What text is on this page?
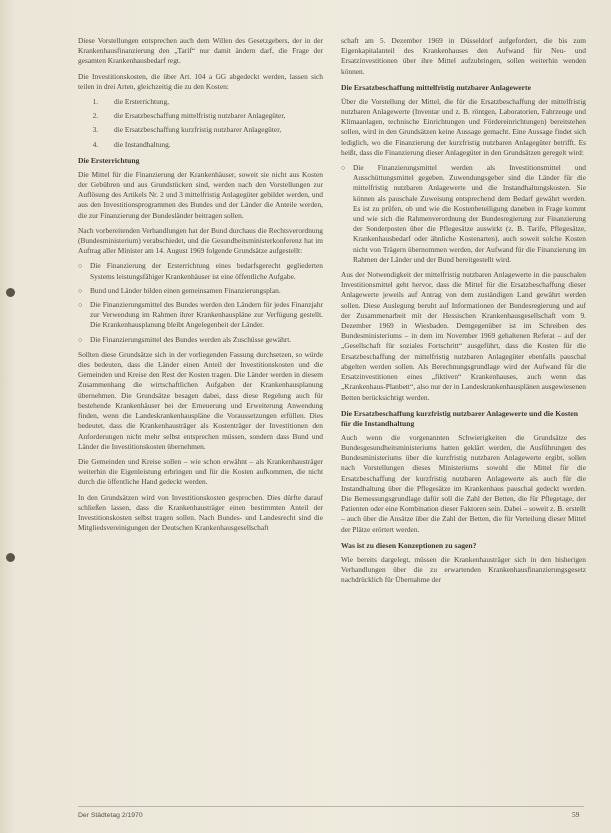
Diese Vorstellungen entsprechen auch dem Willen des Gesetzgebers, der in der Krankenhausfinanzierung den „Tarif“ nur damit ändern darf, die Frage der gesamten Krankenhausbedarf regt.

Die Investitionskosten, die über Art. 104 a GG abgedeckt werden, lassen sich teilen in drei Arten, gleichzeitig die zu den Kosten:

1. die Ersterrichtung,
2. die Ersatzbeschaffung mittelfristig nutzbarer Anlagegüter,
3. die Ersatzbeschaffung kurzfristig nutzbarer Anlagegüter,
4. die Instandhaltung.
Die Ersterrichtung

Die Mittel für die Finanzierung der Krankenhäuser, soweit sie nicht aus Kosten der Gebühren und aus Grundstücken sind, werden nach den Vorstellungen zur Auflösung des Artikels Nr. 2 und 3 mittelfristig Anlagegüter gebildet werden, und aus den Investitionsprogrammen des Bundes und der Länder die Anteile werden, die zur Finanzierung der Bundesländer beitragen sollen.

Nach vorbereitenden Verhandlungen hat der Bund durchaus die Rechtsverordnung (Bundesministerium) verabschiedet, und die Gesundheitsministerkonferenz hat im Auftrag aller Minister am 14. August 1969 folgende Grundsätze aufgestellt:

○ Die Finanzierung der Ersterrichtung eines bedarfsgerecht gegliederten Systems leistungsfähiger Krankenhäuser ist eine öffentliche Aufgabe.
○ Bund und Länder bilden einen gemeinsamen Finanzierungsplan.
○ Die Finanzierungsmittel des Bundes werden den Ländern für jedes Finanzjahr zur Verwendung im Rahmen ihrer Krankenhauspläne zur Verfügung gestellt. Die Krankenhausplanung bleibt Angelegenheit der Länder.
○ Die Finanzierungsmittel des Bundes werden als Zuschüsse gewährt.

Sollten diese Grundsätze sich in der vorliegenden Fassung durchsetzen, so würde dies bedeuten, dass die Länder einen Anteil der Investitionskosten und die Gemeinden und Kreise den Rest der Kosten tragen. Die Länder werden in diesem Zusammenhang die wirtschaftlichen Aufgaben der Krankenhausplanung übernehmen. Die Grundsätze besagen dabei, dass diese Regelung auch für bestehende Krankenhäuser bei der Erneuerung und Erweiterung Anwendung finden, wenn die Landeskrankenhauspläne die Voraussetzungen erfüllen. Dies bedeutet, dass die Krankenhausträger als Kostenträger der Investitionen den Anforderungen nicht mehr selbst entsprechen müssen, sondern dass Bund und Länder die Investitionskosten übernehmen.

Die Gemeinden und Kreise sollen – wie schon erwähnt – als Krankenhausträger weiterhin die Eigenleistung erbringen und für die Kosten aufkommen, die nicht durch die öffentliche Hand gedeckt werden.

In den Grundsätzen wird von Investitionskosten gesprochen. Dies dürfte darauf schließen lassen, dass die Krankenhausträger einen bestimmten Anteil der Investitionskosten selbst tragen sollen. Nach Bundes- und Landesrecht sind die Mitgliedsvereinigungen der Deutschen Krankenhausgesellschaft

schaft am 5. Dezember 1969 in Düsseldorf aufgefordert, die bis zum Eigenkapitalanteil des Krankenhauses den Aufwand für Neu- und Ersatzinvestitionen über ihre Mittel aufzubringen, sollen weiterhin wenden können.

Die Ersatzbeschaffung mittelfristig nutzbarer Anlagewerte

Über die Vorstellung der Mittel, die für die Ersatzbeschaffung der mittelfristig nutzbaren Anlagewerte (Inventar und z. B. röntgen, Laboratorien, Fahrzeuge und Klimaanlagen, technische Einrichtungen und Fördereinrichtungen) bereitstehen sollen, wird in den Grundsätzen keine Aussage gemacht. Eine Aussage findet sich lediglich, wo die Finanzierung der kurzfristig nutzbaren Anlagegüter betrifft. Es heißt, dass die Finanzierung dieser Anlagegüter in den Grundsätzen geregelt wird:

○ Die Finanzierungsmittel werden als Investitionsmittel und Ausschüttungsmittel gegeben. Zuwendungsgeber sind die Länder für die mittelfristig nutzbaren Anlagewerte und die Instandhaltungskosten. Sie können als pauschale Zuweisung entsprechend dem Bedarf gewährt werden. Es ist zu prüfen, ob und wie die Kostenbeteiligung daneben in Frage kommt und wie sich die Rahmenverordnung der Bundesregierung zur Finanzierung der Sonderposten über die Pflegesätze auswirkt (z. B. Tarife, Pflegesätze, Krankenhausbedarf oder ähnliche Kostenarten), auch soweit solche Kosten nicht von Trägern übernommen werden, der Aufwand für die Finanzierung im Rahmen der Länder und der Bund bereitgestellt wird.

Aus der Notwendigkeit der mittelfristig nutzbaren Anlagewerte in die pauschalen Investitionsmittel geht hervor, dass die Mittel für die Ersatzbeschaffung dieser Anlagewerte jeweils auf Antrag von dem zuständigen Land gewährt werden sollen. Diese Auslegung beruht auf Informationen der Bundesregierung und auf der Zusammenarbeit mit der Hessischen Krankenhausgesellschaft vom 9. Dezember 1969 in Wiesbaden. Demgegenüber ist im Schreiben des Bundesministeriums – in dem im November 1969 gehaltenen Referat – auf der „Gesellschaft für soziales Fortschritt“ ausgeführt, dass die Kosten für die Ersatzbeschaffung der mittelfristig nutzbaren Anlagegüter ebenfalls pauschal abgelten werden sollen. Als Berechnungsgrundlage wird der Aufwand für die Ersatzinvestitionen eines „fiktiven“ Krankenhauses, auch wenn das „Krankenhaus-Planbett“, also nur der in Landeskrankenhausplänen ausgewiesenen Betten berücksichtigt werden.

Die Ersatzbeschaffung kurzfristig nutzbarer Anlagewerte und die Kosten für die Instandhaltung

Auch wenn die vorgenannten Schwierigkeiten die Grundsätze des Bundesgesundheitsministeriums hatten geklärt werden, die Ausführungen des Bundesministeriums über die kurzfristig nutzbaren Anlagewerte ergibt, sollen nach Vorstellungen dieses Ministeriums sowohl die Mittel für die Ersatzbeschaffung der kurzfristig nutzbaren Anlagewerte als auch für die Instandhaltung über die Pflegesätze im Krankenhaus pauschal gedeckt werden. Die Bemessungsgrundlage dafür soll die Zahl der Betten, die für Pflegetage, der Patienten oder eine Kombination dieser Faktoren sein. Dabei – soweit z. B. erstellt – auch über die Ansätze über die Zahl der Betten, die für Verteilung dieser Mittel der Plätze erörtert werden.

Was ist zu diesen Konzeptionen zu sagen?

Wie bereits dargelegt, müssen die Krankenhausträger sich in den bisherigen Verhandlungen über die zu erwartenden Krankenhausfinanzierungsgesetz nachdrücklich für Übernahme der

Der Städtetag 2/1970	59
